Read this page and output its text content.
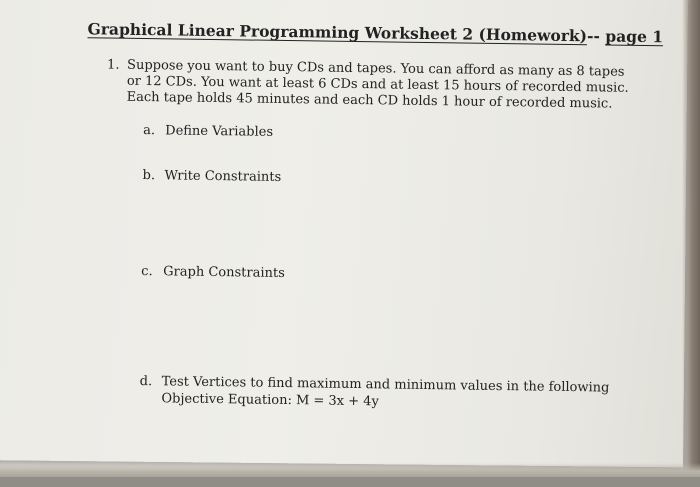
Graphical Linear Programming Worksheet 2 (Homework)-- page 1
1. Suppose you want to buy CDs and tapes. You can afford as many as 8 tapes
or 12 CDs. You want at least 6 CDs and at least 15 hours of recorded music.
Each tape holds 45 minutes and each CD holds 1 hour of recorded music.
a. Define Variables
b. Write Constraints
c. Graph Constraints
d. Test Vertices to find maximum and minimum values in the following
Objective Equation: M = 3x + 4y
